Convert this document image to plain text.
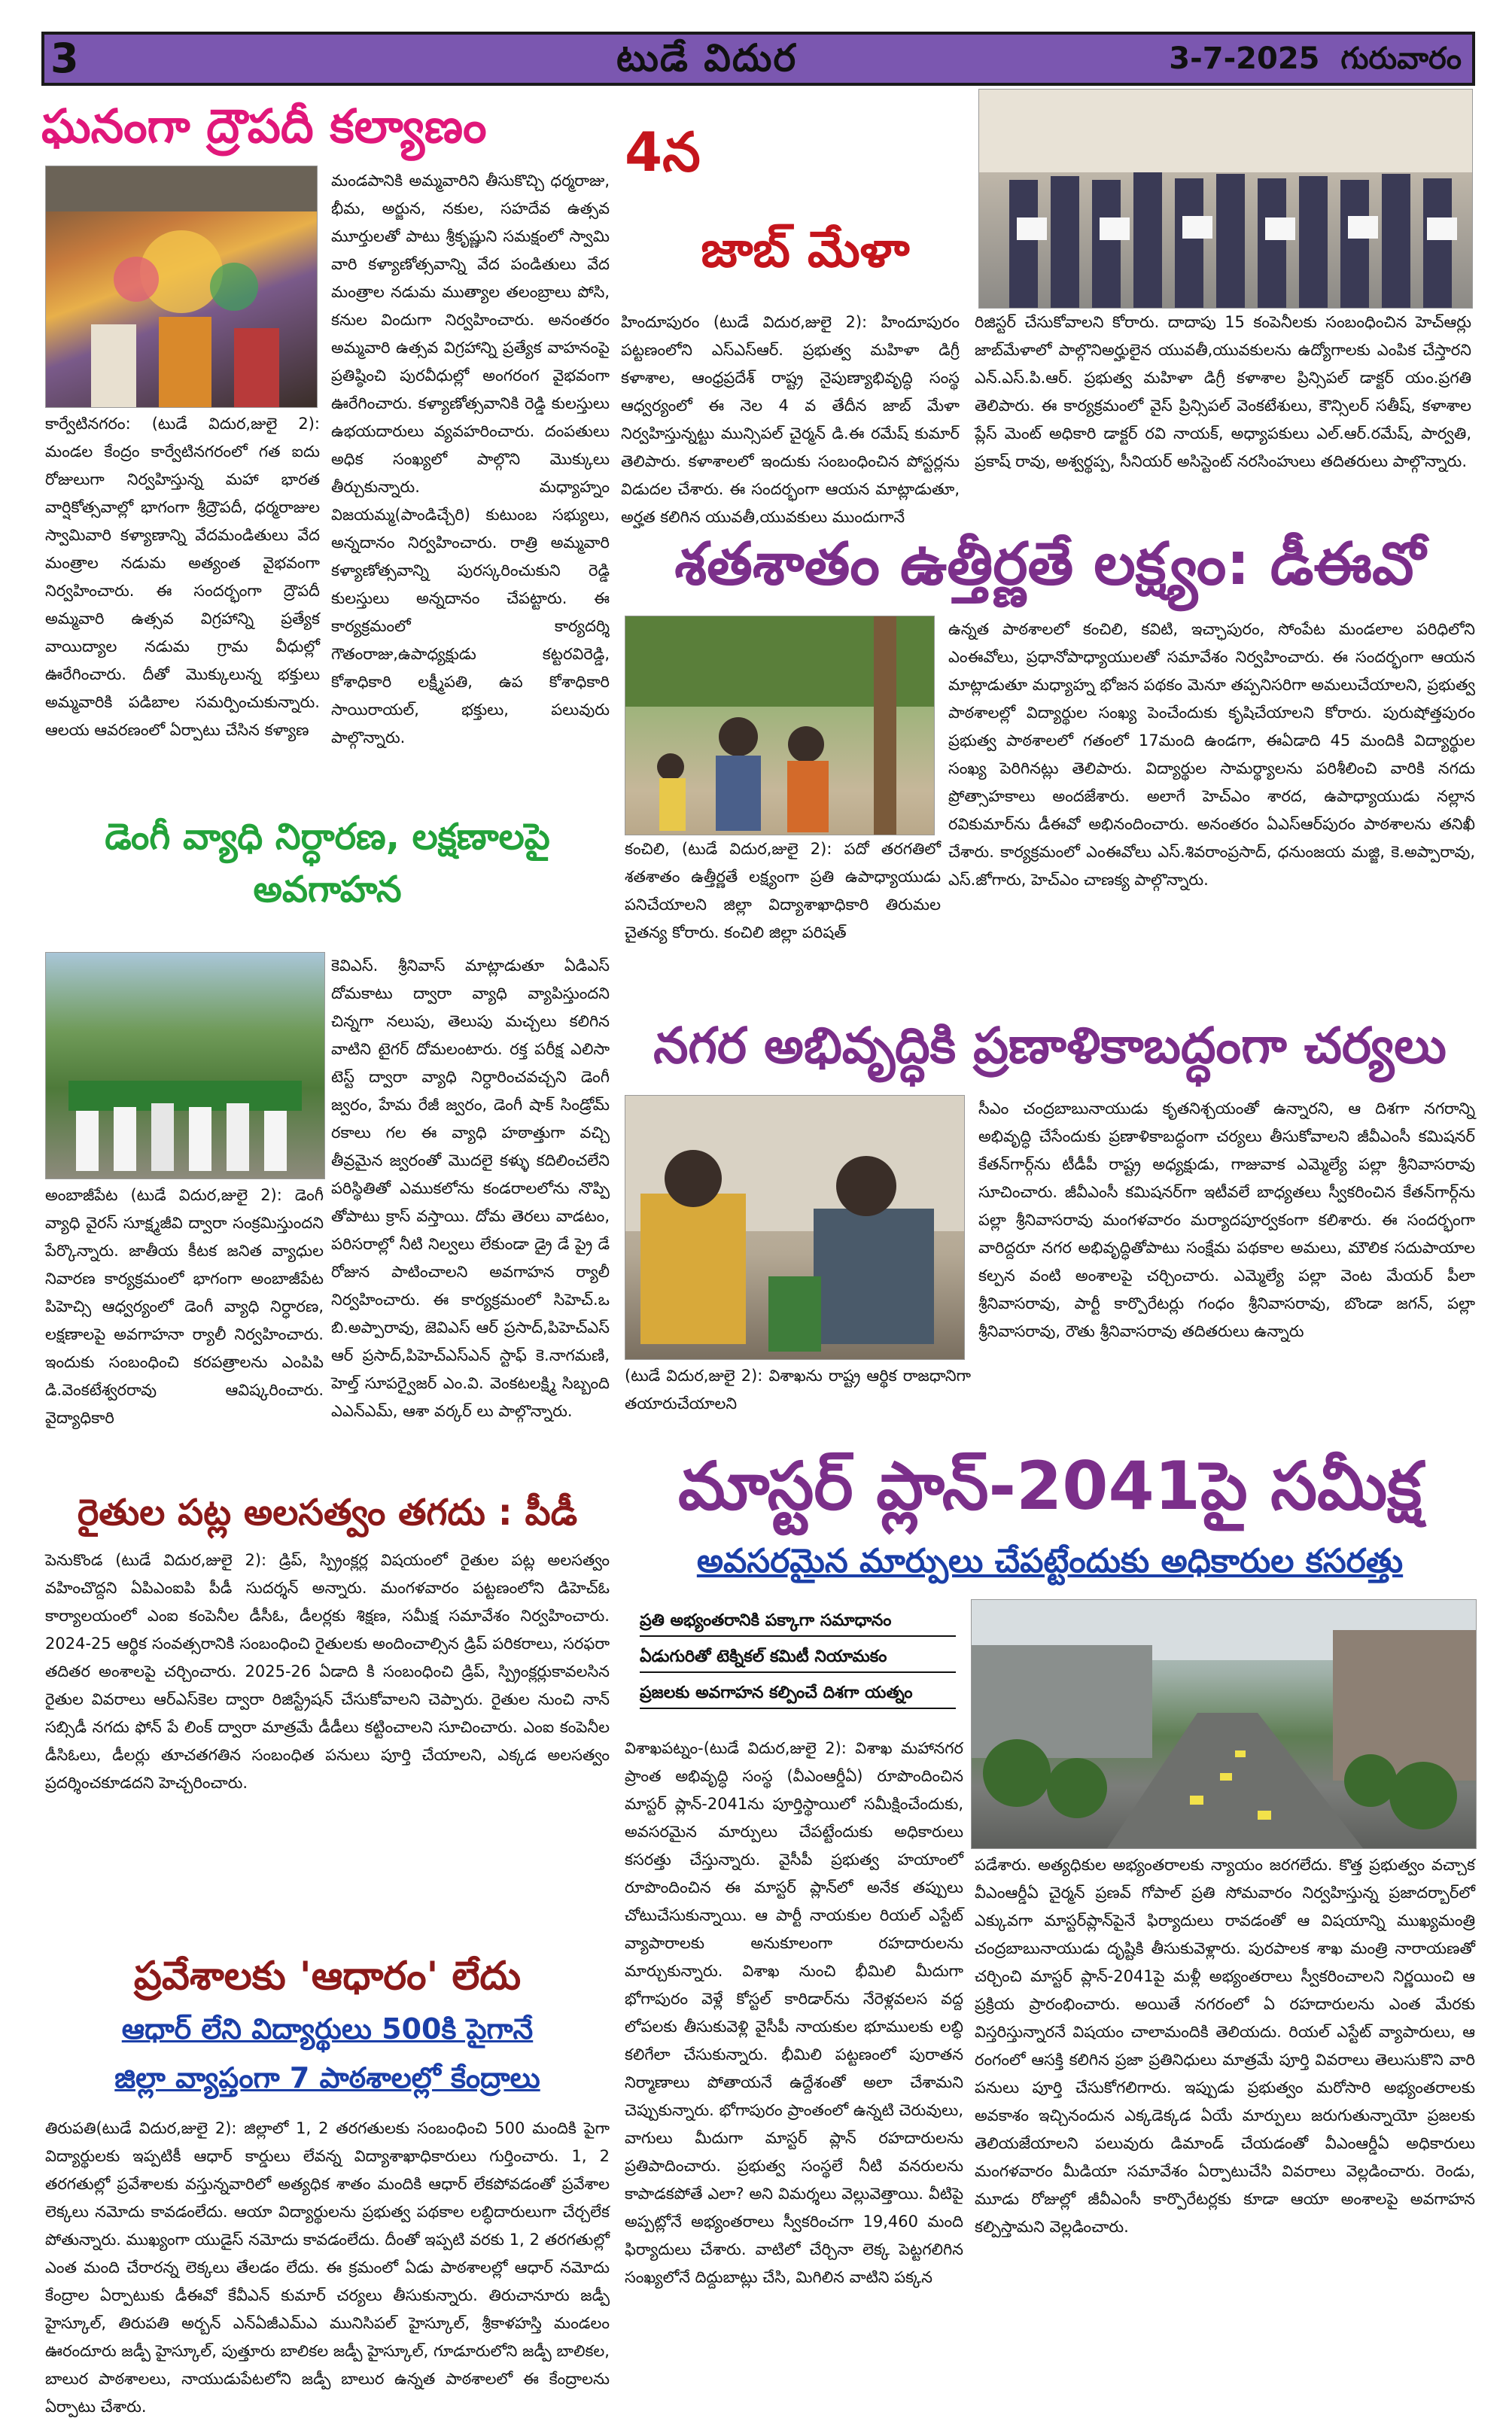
3	టుడే విదుర	3-7-2025 గురువారం
ఘనంగా ద్రౌపదీ కల్యాణం
మండపానికి అమ్మవారిని తీసుకొచ్చి ధర్మరాజు, భీమ, అర్జున, నకుల, సహదేవ ఉత్సవ మూర్తులతో పాటు శ్రీకృష్ణుని సమక్షంలో స్వామి వారి కళ్యాణోత్సవాన్ని వేద పండితులు వేద మంత్రాల నడుమ ముత్యాల తలంబ్రాలు పోసి, కనుల విందుగా నిర్వహించారు. అనంతరం అమ్మవారి ఉత్సవ విగ్రహాన్ని ప్రత్యేక వాహనంపై ప్రతిష్ఠించి పురవీధుల్లో అంగరంగ వైభవంగా ఊరేగించారు. కళ్యాణోత్సవానికి రెడ్డి కులస్తులు ఉభయదారులు వ్యవహరించారు. దంపతులు అధిక సంఖ్యలో పాల్గొని మొక్కులు తీర్చుకున్నారు. మధ్యాహ్నం విజయమ్మ(పాండిచ్చేరి) కుటుంబ సభ్యులు, అన్నదానం నిర్వహించారు. రాత్రి అమ్మవారి కళ్యాణోత్సవాన్ని పురస్కరించుకుని రెడ్డి కులస్తులు అన్నదానం చేపట్టారు. ఈ కార్యక్రమంలో కార్యదర్శి గౌతంరాజు,ఉపాధ్యక్షుడు కట్టరవిరెడ్డి, కోశాధికారి లక్ష్మీపతి, ఉప కోశాధికారి సాయిరాయల్, భక్తులు, పలువురు పాల్గొన్నారు.
కార్వేటినగరం: (టుడే విదుర,జులై 2): మండల కేంద్రం కార్వేటినగరంలో గత ఐదు రోజులుగా నిర్వహిస్తున్న మహా భారత వార్షికోత్సవాల్లో భాగంగా శ్రీద్రౌపదీ, ధర్మరాజుల స్వామివారి కళ్యాణాన్ని వేదమండితులు వేద మంత్రాల నడుమ అత్యంత వైభవంగా నిర్వహించారు. ఈ సందర్భంగా ద్రౌపదీ అమ్మవారి ఉత్సవ విగ్రహాన్ని ప్రత్యేక వాయిద్యాల నడుమ గ్రామ వీధుల్లో ఊరేగించారు. దీతో మొక్కులున్న భక్తులు అమ్మవారికి పడిబాల సమర్పించుకున్నారు. ఆలయ ఆవరణంలో ఏర్పాటు చేసిన కళ్యాణ
డెంగీ వ్యాధి నిర్ధారణ, లక్షణాలపై
అవగాహన
కెవిఎస్. శ్రీనివాస్ మాట్లాడుతూ ఏడిఎస్ దోమకాటు ద్వారా వ్యాధి వ్యాపిస్తుందని చిన్నగా నలుపు, తెలుపు మచ్చలు కలిగిన వాటిని టైగర్ దోమలంటారు. రక్త పరీక్ష ఎలిసా టెస్ట్ ద్వారా వ్యాధి నిర్ధారించవచ్చని డెంగీ జ్వరం, హేమ రేజీ జ్వరం, డెంగీ షాక్ సిండ్రోమ్ రకాలు గల ఈ వ్యాధి హఠాత్తుగా వచ్చి తీవ్రమైన జ్వరంతో మొదలై కళ్ళు కదిలించలేని పరిస్థితితో ఎముకలోను కండరాలలోను నొప్పి తోపాటు క్రాస్ వస్తాయి. దోమ తెరలు వాడటం, పరిసరాల్లో నీటి నిల్వలు లేకుండా డ్రై డే ప్రై డే రోజున పాటించాలని అవగాహన ర్యాలీ నిర్వహించారు. ఈ కార్యక్రమంలో సిహెచ్.ఒ బి.అప్పారావు, జెవిఎస్ ఆర్ ప్రసాద్,పిహెచ్ఎస్ ఆర్ ప్రసాద్,పిహెచ్ఎస్ఎన్ స్టాఫ్ కె.నాగమణి, హెల్త్ సూపర్వైజర్ ఎం.వి. వెంకటలక్ష్మి సిబ్బంది ఎఎన్ఎమ్, ఆశా వర్కర్ లు పాల్గొన్నారు.
అంబాజీపేట (టుడే విదుర,జులై 2): డెంగీ వ్యాధి వైరస్ సూక్ష్మజీవి ద్వారా సంక్రమిస్తుందని పేర్కొన్నారు. జాతీయ కీటక జనిత వ్యాధుల నివారణ కార్యక్రమంలో భాగంగా అంబాజీపేట పిహెచ్సి ఆధ్వర్యంలో డెంగీ వ్యాధి నిర్ధారణ, లక్షణాలపై అవగాహనా ర్యాలీ నిర్వహించారు. ఇందుకు సంబంధించి కరపత్రాలను ఎంపిపి డి.వెంకటేశ్వరరావు ఆవిష్కరించారు. వైద్యాధికారి
4న
జాబ్ మేళా
హిందూపురం (టుడే విదుర,జులై 2): హిందూపురం పట్టణంలోని ఎస్ఎస్ఆర్. ప్రభుత్వ మహిళా డిగ్రీ కళాశాల, ఆంధ్రప్రదేశ్ రాష్ట్ర నైపుణ్యాభివృద్ధి సంస్థ ఆధ్వర్యంలో ఈ నెల 4 వ తేదీన జాబ్ మేళా నిర్వహిస్తున్నట్టు మున్సిపల్ చైర్మన్ డి.ఈ రమేష్ కుమార్ తెలిపారు. కళాశాలలో ఇందుకు సంబంధించిన పోస్టర్లను విడుదల చేశారు. ఈ సందర్భంగా ఆయన మాట్లాడుతూ, అర్హత కలిగిన యువతీ,యువకులు ముందుగానే
రిజిస్టర్ చేసుకోవాలని కోరారు. దాదాపు 15 కంపెనీలకు సంబంధించిన హెచ్ఆర్లు జాబ్‌మేళాలో పాల్గొనిఅర్హులైన యువతీ,యువకులను ఉద్యోగాలకు ఎంపిక చేస్తారని ఎన్.ఎస్.పి.ఆర్. ప్రభుత్వ మహిళా డిగ్రీ కళాశాల ప్రిన్సిపల్ డాక్టర్ యం.ప్రగతి తెలిపారు. ఈ కార్యక్రమంలో వైస్ ప్రిన్సిపల్ వెంకటేశులు, కౌన్సిలర్ సతీష్, కళాశాల ప్లేస్ మెంట్ అధికారి డాక్టర్ రవి నాయక్, అధ్యాపకులు ఎల్.ఆర్.రమేష్, పార్వతి, ప్రకాష్ రావు, అశ్వర్థప్ప, సీనియర్ అసిస్టెంట్ నరసింహులు తదితరులు పాల్గొన్నారు.
శతశాతం ఉత్తీర్ణతే లక్ష్యం: డీఈవో
ఉన్నత పాఠశాలలో కంచిలి, కవిటి, ఇచ్ఛాపురం, సోంపేట మండలాల పరిధిలోని ఎంఈవోలు, ప్రధానోపాధ్యాయులతో సమావేశం నిర్వహించారు. ఈ సందర్భంగా ఆయన మాట్లాడుతూ మధ్యాహ్న భోజన పథకం మెనూ తప్పనిసరిగా అమలుచేయాలని, ప్రభుత్వ పాఠశాలల్లో విద్యార్థుల సంఖ్య పెంచేందుకు కృషిచేయాలని కోరారు. పురుషోత్తపురం ప్రభుత్వ పాఠశాలలో గతంలో 17మంది ఉండగా, ఈఏడాది 45 మందికి విద్యార్థుల సంఖ్య పెరిగినట్లు తెలిపారు. విద్యార్థుల సామర్థ్యాలను పరిశీలించి వారికి నగదు ప్రోత్సాహకాలు అందజేశారు. అలాగే హెచ్ఎం శారద, ఉపాధ్యాయుడు నల్లాన రవికుమార్‌ను డీఈవో అభినందించారు. అనంతరం ఏఎస్ఆర్‌పురం పాఠశాలను తనిఖీ చేశారు. కార్యక్రమంలో ఎంఈవోలు ఎస్.శివరాంప్రసాద్, ధనుంజయ మజ్జి, కె.అప్పారావు, ఎస్.జోగారు, హెచ్ఎం చాణక్య పాల్గొన్నారు.
కంచిలి, (టుడే విదుర,జులై 2): పదో తరగతిలో శతశాతం ఉత్తీర్ణతే లక్ష్యంగా ప్రతి ఉపాధ్యాయుడు పనిచేయాలని జిల్లా విద్యాశాఖాధికారి తిరుమల చైతన్య కోరారు. కంచిలి జిల్లా పరిషత్
నగర అభివృద్ధికి ప్రణాళికాబద్ధంగా చర్యలు
సీఎం చంద్రబాబునాయుడు కృతనిశ్చయంతో ఉన్నారని, ఆ దిశగా నగరాన్ని అభివృద్ధి చేసేందుకు ప్రణాళికాబద్ధంగా చర్యలు తీసుకోవాలని జీవీఎంసీ కమిషనర్ కేతన్‌గార్గ్‌ను టీడీపీ రాష్ట్ర అధ్యక్షుడు, గాజువాక ఎమ్మెల్యే పల్లా శ్రీనివాసరావు సూచించారు. జీవీఎంసీ కమిషనర్‌గా ఇటీవలే బాధ్యతలు స్వీకరించిన కేతన్‌గార్గ్‌ను పల్లా శ్రీనివాసరావు మంగళవారం మర్యాదపూర్వకంగా కలిశారు. ఈ సందర్భంగా వారిద్దరూ నగర అభివృద్ధితోపాటు సంక్షేమ పథకాల అమలు, మౌలిక సదుపాయాల కల్పన వంటి అంశాలపై చర్చించారు. ఎమ్మెల్యే పల్లా వెంట మేయర్ పీలా శ్రీనివాసరావు, పార్టీ కార్పొరేటర్లు గంధం శ్రీనివాసరావు, బొండా జగన్, పల్లా శ్రీనివాసరావు, రౌతు శ్రీనివాసరావు తదితరులు ఉన్నారు
(టుడే విదుర,జులై 2): విశాఖను రాష్ట్ర ఆర్థిక రాజధానిగా తయారుచేయాలని
రైతుల పట్ల అలసత్వం తగదు : పీడీ
పెనుకొండ (టుడే విదుర,జులై 2): డ్రిప్, స్ప్రింక్లర్ల విషయంలో రైతుల పట్ల అలసత్వం వహించొద్దని ఏపిఎంఐపి పీడీ సుదర్శన్ అన్నారు. మంగళవారం పట్టణంలోని డిహెచ్ఓ కార్యాలయంలో ఎంఐ కంపెనీల డీసీఓ, డీలర్లకు శిక్షణ, సమీక్ష సమావేశం నిర్వహించారు. 2024-25 ఆర్థిక సంవత్సరానికి సంబంధించి రైతులకు అందించాల్సిన డ్రిప్ పరికరాలు, సరఫరా తదితర అంశాలపై చర్చించారు. 2025-26 ఏడాది కి సంబంధించి డ్రిప్, స్ప్రింక్లర్లుకావలసిన రైతుల వివరాలు ఆర్ఎస్‌కెల ద్వారా రిజిస్ట్రేషన్ చేసుకోవాలని చెప్పారు. రైతుల నుంచి నాన్ సబ్సిడీ నగదు ఫోన్ పే లింక్ ద్వారా మాత్రమే డీడీలు కట్టించాలని సూచించారు. ఎంఐ కంపెనీల డీసిఓలు, డీలర్లు తూచతగతిన సంబంధిత పనులు పూర్తి చేయాలని, ఎక్కడ అలసత్వం ప్రదర్శించకూడదని హెచ్చరించారు.
ప్రవేశాలకు 'ఆధారం' లేదు
ఆధార్ లేని విద్యార్థులు 500కి పైగానే
జిల్లా వ్యాప్తంగా 7 పాఠశాలల్లో కేంద్రాలు
తిరుపతి(టుడే విదుర,జులై 2): జిల్లాలో 1, 2 తరగతులకు సంబంధించి 500 మందికి పైగా విద్యార్థులకు ఇప్పటికీ ఆధార్ కార్డులు లేవన్న విద్యాశాఖాధికారులు గుర్తించారు. 1, 2 తరగతుల్లో ప్రవేశాలకు వస్తున్నవారిలో అత్యధిక శాతం మందికి ఆధార్ లేకపోవడంతో ప్రవేశాల లెక్కలు నమోదు కావడంలేదు. ఆయా విద్యార్థులను ప్రభుత్వ పథకాల లబ్ధిదారులుగా చేర్చలేక పోతున్నారు. ముఖ్యంగా యుడైస్ నమోదు కావడంలేదు. దీంతో ఇప్పటి వరకు 1, 2 తరగతుల్లో ఎంత మంది చేరారన్న లెక్కలు తేలడం లేదు. ఈ క్రమంలో ఏడు పాఠశాలల్లో ఆధార్ నమోదు కేంద్రాల ఏర్పాటుకు డీఈవో కేవీఎన్ కుమార్ చర్యలు తీసుకున్నారు. తిరుచానూరు జడ్పీ హైస్కూల్, తిరుపతి అర్బన్ ఎన్ఏజీఎమ్ఎ మునిసిపల్ హైస్కూల్, శ్రీకాళహస్తి మండలం ఊరందూరు జడ్పీ హైస్కూల్, పుత్తూరు బాలికల జడ్పీ హైస్కూల్, గూడూరులోని జడ్పీ బాలికల, బాలుర పాఠశాలలు, నాయుడుపేటలోని జడ్పీ బాలుర ఉన్నత పాఠశాలలో ఈ కేంద్రాలను ఏర్పాటు చేశారు.
మాస్టర్ ప్లాన్-2041పై సమీక్ష
అవసరమైన మార్పులు చేపట్టేందుకు అధికారుల కసరత్తు
ప్రతి అభ్యంతరానికి పక్కాగా సమాధానం
ఏడుగురితో టెక్నికల్ కమిటీ నియామకం
ప్రజలకు అవగాహన కల్పించే దిశగా యత్నం
విశాఖపట్నం-(టుడే విదుర,జులై 2): విశాఖ మహానగర ప్రాంత అభివృద్ధి సంస్థ (వీఎంఆర్డీఏ) రూపొందించిన మాస్టర్ ప్లాన్-2041ను పూర్తిస్థాయిలో సమీక్షించేందుకు, అవసరమైన మార్పులు చేపట్టేందుకు అధికారులు కసరత్తు చేస్తున్నారు. వైసీపీ ప్రభుత్వ హయాంలో రూపొందించిన ఈ మాస్టర్ ప్లాన్‌లో అనేక తప్పులు చోటుచేసుకున్నాయి. ఆ పార్టీ నాయకుల రియల్ ఎస్టేట్ వ్యాపారాలకు అనుకూలంగా రహదారులను మార్చుకున్నారు. విశాఖ నుంచి భీమిలి మీదుగా భోగాపురం వెళ్లే కోస్టల్ కారిడార్‌ను నేరెళ్లవలస వద్ద లోపలకు తీసుకువెళ్లి వైసీపీ నాయకుల భూములకు లబ్ధి కలిగేలా చేసుకున్నారు. భీమిలి పట్టణంలో పురాతన నిర్మాణాలు పోతాయనే ఉద్దేశంతో అలా చేశామని చెప్పుకున్నారు. భోగాపురం ప్రాంతంలో ఉన్నటి చెరువులు, వాగులు మీదుగా మాస్టర్ ప్లాన్ రహదారులను ప్రతిపాదించారు. ప్రభుత్వ సంస్థలే నీటి వనరులను కాపాడకపోతే ఎలా? అని విమర్శలు వెల్లువెత్తాయి. వీటిపై అప్పట్లోనే అభ్యంతరాలు స్వీకరించగా 19,460 మంది ఫిర్యాదులు చేశారు. వాటిలో చేర్చినా లెక్క పెట్టగలిగిన సంఖ్యలోనే దిద్దుబాట్లు చేసి, మిగిలిన వాటిని పక్కన
పడేశారు. అత్యధికుల అభ్యంతరాలకు న్యాయం జరగలేదు. కొత్త ప్రభుత్వం వచ్చాక వీఎంఆర్డీఏ చైర్మన్ ప్రణవ్ గోపాల్ ప్రతి సోమవారం నిర్వహిస్తున్న ప్రజాదర్బార్‌లో ఎక్కువగా మాస్టర్‌ప్లాన్‌పైనే ఫిర్యాదులు రావడంతో ఆ విషయాన్ని ముఖ్యమంత్రి చంద్రబాబునాయుడు దృష్టికి తీసుకువెళ్లారు. పురపాలక శాఖ మంత్రి నారాయణతో చర్చించి మాస్టర్ ప్లాన్-2041పై మళ్లీ అభ్యంతరాలు స్వీకరించాలని నిర్ణయించి ఆ ప్రక్రియ ప్రారంభించారు. అయితే నగరంలో ఏ రహదారులను ఎంత మేరకు విస్తరిస్తున్నారనే విషయం చాలామందికి తెలియదు. రియల్ ఎస్టేట్ వ్యాపారులు, ఆ రంగంలో ఆసక్తి కలిగిన ప్రజా ప్రతినిధులు మాత్రమే పూర్తి వివరాలు తెలుసుకొని వారి పనులు పూర్తి చేసుకోగలిగారు. ఇప్పుడు ప్రభుత్వం మరోసారి అభ్యంతరాలకు అవకాశం ఇచ్చినందున ఎక్కడెక్కడ ఏయే మార్పులు జరుగుతున్నాయో ప్రజలకు తెలియజేయాలని పలువురు డిమాండ్ చేయడంతో వీఎంఆర్డీఏ అధికారులు మంగళవారం మీడియా సమావేశం ఏర్పాటుచేసి వివరాలు వెల్లడించారు. రెండు, మూడు రోజుల్లో జీవీఎంసీ కార్పొరేటర్లకు కూడా ఆయా అంశాలపై అవగాహన కల్పిస్తామని వెల్లడించారు.
